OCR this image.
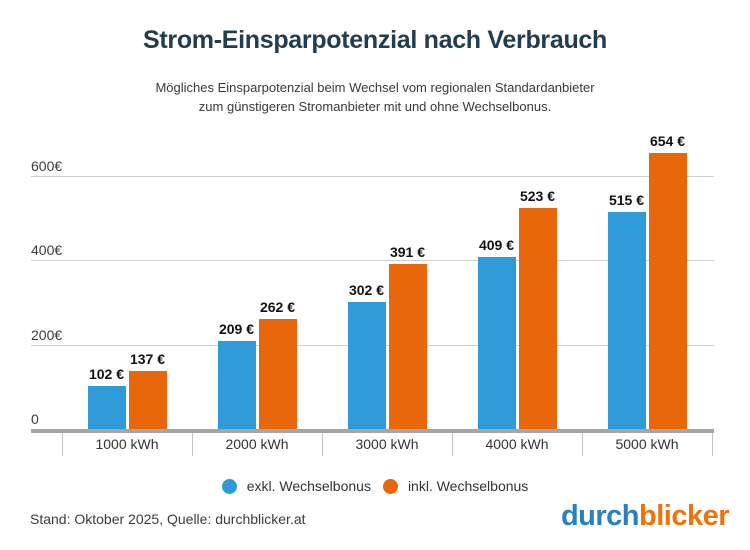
Strom-Einsparpotenzial nach Verbrauch
Mögliches Einsparpotenzial beim Wechsel vom regionalen Standardanbieter
zum günstigeren Stromanbieter mit und ohne Wechselbonus.
0
200€
400€
600€
102 €
137 €
1000 kWh
209 €
262 €
2000 kWh
302 €
391 €
3000 kWh
409 €
523 €
4000 kWh
515 €
654 €
5000 kWh
exkl. Wechselbonus	inkl. Wechselbonus
Stand: Oktober 2025, Quelle: durchblicker.at	durchblicker
